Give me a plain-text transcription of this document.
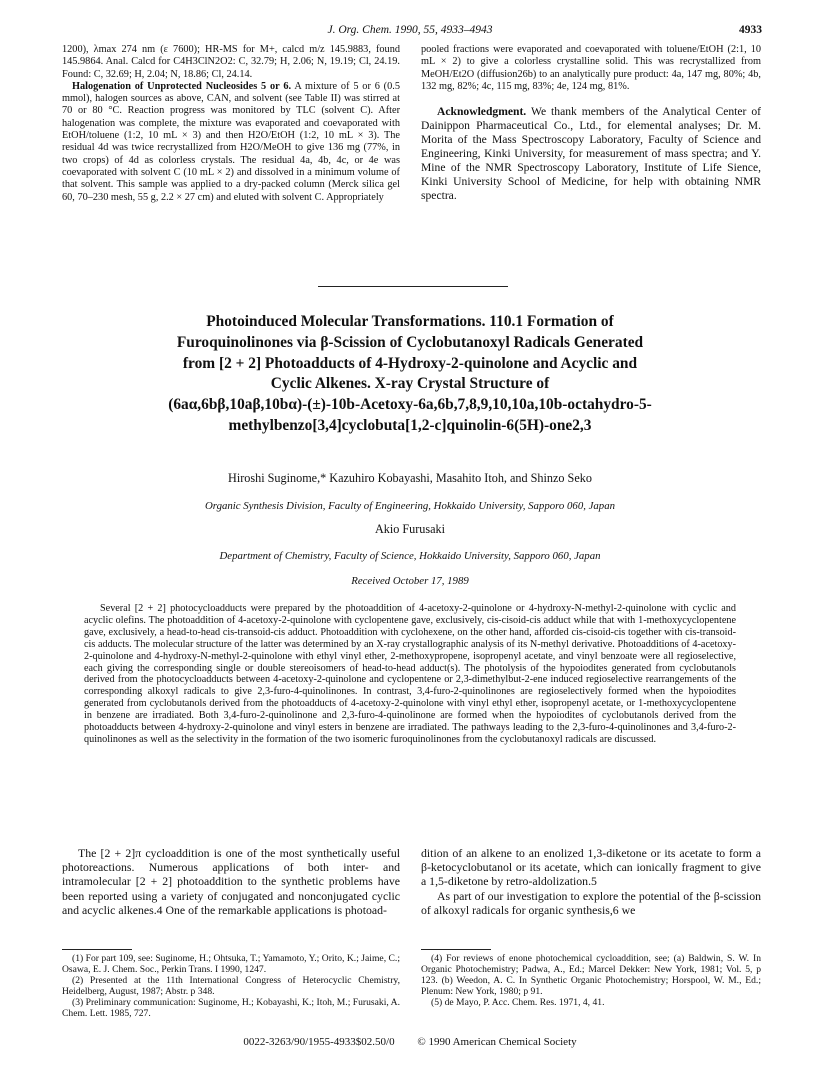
J. Org. Chem. 1990, 55, 4933–4943	4933

1200), λmax 274 nm (ε 7600); HR-MS for M+, calcd m/z 145.9883, found 145.9864. Anal. Calcd for C4H3ClN2O2: C, 32.79; H, 2.06; N, 19.19; Cl, 24.19. Found: C, 32.69; H, 2.04; N, 18.86; Cl, 24.14.

Halogenation of Unprotected Nucleosides 5 or 6. A mixture of 5 or 6 (0.5 mmol), halogen sources as above, CAN, and solvent (see Table II) was stirred at 70 or 80 °C. Reaction progress was monitored by TLC (solvent C). After halogenation was complete, the mixture was evaporated and coevaporated with EtOH/toluene (1:2, 10 mL × 3) and then H2O/EtOH (1:2, 10 mL × 3). The residual 4d was twice recrystallized from H2O/MeOH to give 136 mg (77%, in two crops) of 4d as colorless crystals. The residual 4a, 4b, 4c, or 4e was coevaporated with solvent C (10 mL × 2) and dissolved in a minimum volume of that solvent. This sample was applied to a dry-packed column (Merck silica gel 60, 70–230 mesh, 55 g, 2.2 × 27 cm) and eluted with solvent C. Appropriately

pooled fractions were evaporated and coevaporated with toluene/EtOH (2:1, 10 mL × 2) to give a colorless crystalline solid. This was recrystallized from MeOH/Et2O (diffusion26b) to an analytically pure product: 4a, 147 mg, 80%; 4b, 132 mg, 82%; 4c, 115 mg, 83%; 4e, 124 mg, 81%.

Acknowledgment. We thank members of the Analytical Center of Dainippon Pharmaceutical Co., Ltd., for elemental analyses; Dr. M. Morita of the Mass Spectroscopy Laboratory, Faculty of Science and Engineering, Kinki University, for measurement of mass spectra; and Y. Mine of the NMR Spectroscopy Laboratory, Institute of Life Sience, Kinki University School of Medicine, for help with obtaining NMR spectra.

Photoinduced Molecular Transformations. 110.1 Formation of

Furoquinolinones via β-Scission of Cyclobutanoxyl Radicals Generated

from [2 + 2] Photoadducts of 4-Hydroxy-2-quinolone and Acyclic and

Cyclic Alkenes. X-ray Crystal Structure of

(6aα,6bβ,10aβ,10bα)-(±)-10b-Acetoxy-6a,6b,7,8,9,10,10a,10b-octahydro-5-

methylbenzo[3,4]cyclobuta[1,2-c]quinolin-6(5H)-one2,3

Hiroshi Suginome,* Kazuhiro Kobayashi, Masahito Itoh, and Shinzo Seko
Organic Synthesis Division, Faculty of Engineering, Hokkaido University, Sapporo 060, Japan
Akio Furusaki
Department of Chemistry, Faculty of Science, Hokkaido University, Sapporo 060, Japan
Received October 17, 1989

Several [2 + 2] photocycloadducts were prepared by the photoaddition of 4-acetoxy-2-quinolone or 4-hydroxy-N-methyl-2-quinolone with cyclic and acyclic olefins. The photoaddition of 4-acetoxy-2-quinolone with cyclopentene gave, exclusively, cis-cisoid-cis adduct while that with 1-methoxycyclopentene gave, exclusively, a head-to-head cis-transoid-cis adduct. Photoaddition with cyclohexene, on the other hand, afforded cis-cisoid-cis together with cis-transoid-cis adducts. The molecular structure of the latter was determined by an X-ray crystallographic analysis of its N-methyl derivative. Photoadditions of 4-acetoxy-2-quinolone and 4-hydroxy-N-methyl-2-quinolone with ethyl vinyl ether, 2-methoxypropene, isopropenyl acetate, and vinyl benzoate were all regioselective, each giving the corresponding single or double stereoisomers of head-to-head adduct(s). The photolysis of the hypoiodites generated from cyclobutanols derived from the photocycloadducts between 4-acetoxy-2-quinolone and cyclopentene or 2,3-dimethylbut-2-ene induced regioselective rearrangements of the corresponding alkoxyl radicals to give 2,3-furo-4-quinolinones. In contrast, 3,4-furo-2-quinolinones are regioselectively formed when the hypoiodites generated from cyclobutanols derived from the photoadducts of 4-acetoxy-2-quinolone with vinyl ethyl ether, isopropenyl acetate, or 1-methoxycyclopentene in benzene are irradiated. Both 3,4-furo-2-quinolinone and 2,3-furo-4-quinolinone are formed when the hypoiodites of cyclobutanols derived from the photoadducts between 4-hydroxy-2-quinolone and vinyl esters in benzene are irradiated. The pathways leading to the 2,3-furo-4-quinolinones and 3,4-furo-2-quinolinones as well as the selectivity in the formation of the two isomeric furoquinolinones from the cyclobutanoxyl radicals are discussed.

The [2 + 2]π cycloaddition is one of the most synthetically useful photoreactions. Numerous applications of both inter- and intramolecular [2 + 2] photoaddition to the synthetic problems have been reported using a variety of conjugated and nonconjugated cyclic and acyclic alkenes.4 One of the remarkable applications is photoad-

dition of an alkene to an enolized 1,3-diketone or its acetate to form a β-ketocyclobutanol or its acetate, which can ionically fragment to give a 1,5-diketone by retro-aldolization.5

As part of our investigation to explore the potential of the β-scission of alkoxyl radicals for organic synthesis,6 we

(1) For part 109, see: Suginome, H.; Ohtsuka, T.; Yamamoto, Y.; Orito, K.; Jaime, C.; Osawa, E. J. Chem. Soc., Perkin Trans. I 1990, 1247.

(2) Presented at the 11th International Congress of Heterocyclic Chemistry, Heidelberg, August, 1987; Abstr. p 348.

(3) Preliminary communication: Suginome, H.; Kobayashi, K.; Itoh, M.; Furusaki, A. Chem. Lett. 1985, 727.

(4) For reviews of enone photochemical cycloaddition, see; (a) Baldwin, S. W. In Organic Photochemistry; Padwa, A., Ed.; Marcel Dekker: New York, 1981; Vol. 5, p 123. (b) Weedon, A. C. In Synthetic Organic Photochemistry; Horspool, W. M., Ed.; Plenum: New York, 1980; p 91.

(5) de Mayo, P. Acc. Chem. Res. 1971, 4, 41.

0022-3263/90/1955-4933$02.50/0 © 1990 American Chemical Society
